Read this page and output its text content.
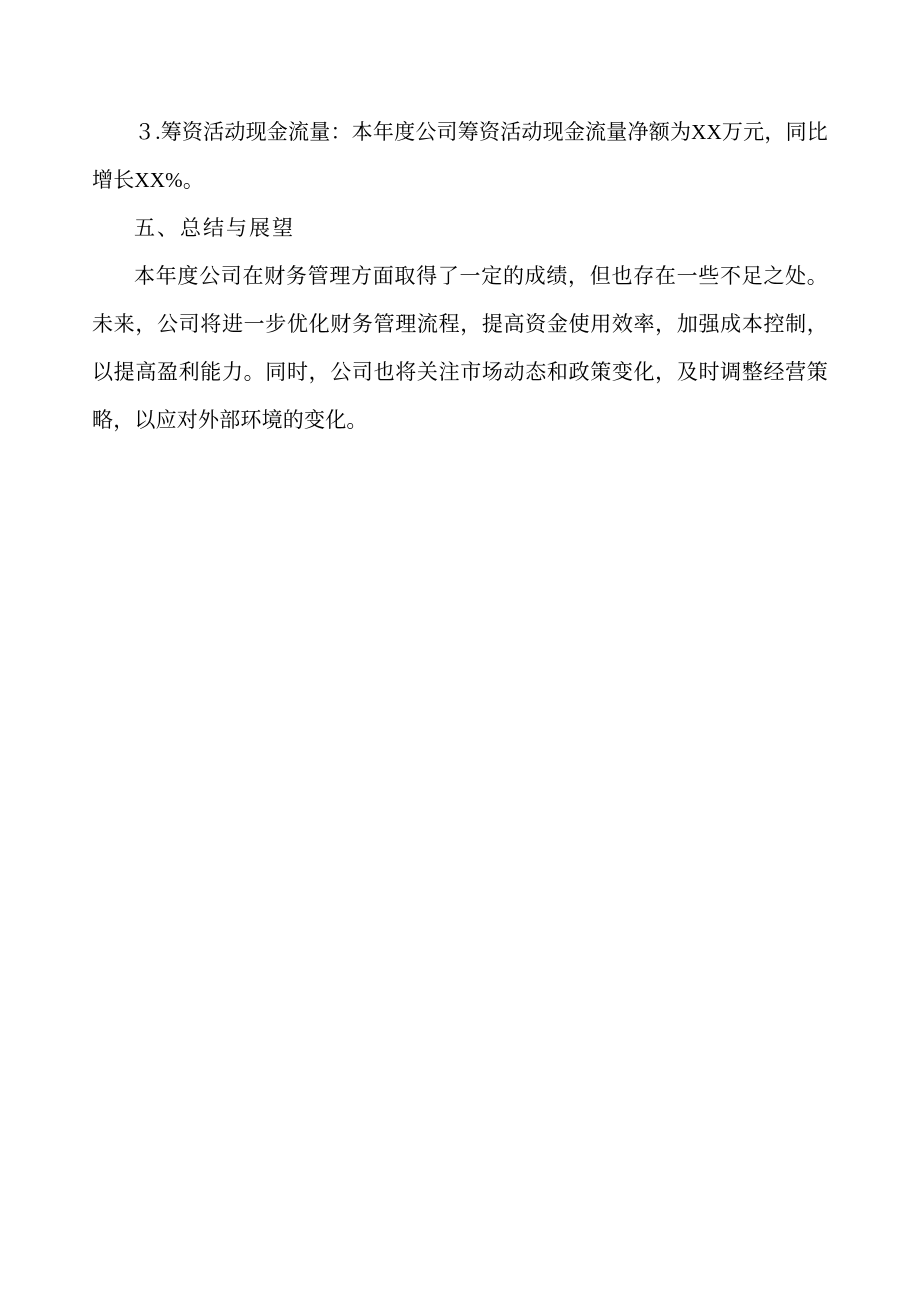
３.筹资活动现金流量：本年度公司筹资活动现金流量净额为XX万元，同比增长XX%。

五、总结与展望

本年度公司在财务管理方面取得了一定的成绩，但也存在一些不足之处。未来，公司将进一步优化财务管理流程，提高资金使用效率，加强成本控制，以提高盈利能力。同时，公司也将关注市场动态和政策变化，及时调整经营策略，以应对外部环境的变化。
